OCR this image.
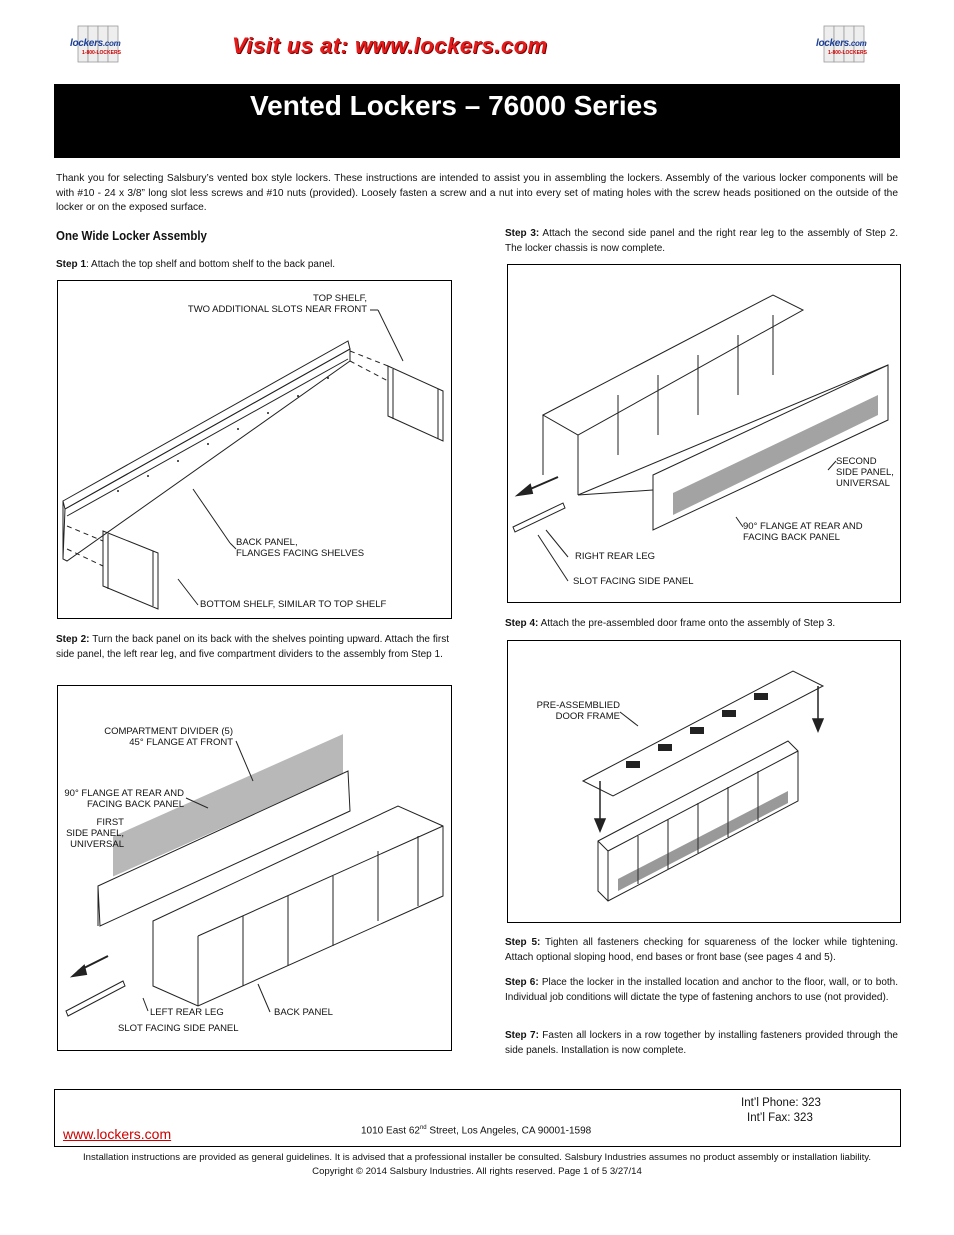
lockers.com
1-800-LOCKERS	Visit us at: www.lockers.com	lockers.com
1-800-LOCKERS
Vented Lockers – 76000 Series

Thank you for selecting Salsbury’s vented box style lockers. These instructions are intended to assist you in assembling the lockers. Assembly of the various locker components will be with #10 - 24 x 3/8” long slot less screws and #10 nuts (provided). Loosely fasten a screw and a nut into every set of mating holes with the screw heads positioned on the outside of the locker or on the exposed surface.

One Wide Locker Assembly

Step 1: Attach the top shelf and bottom shelf to the back panel.

TOP SHELF,
TWO ADDITIONAL SLOTS NEAR FRONT
BACK PANEL,
FLANGES FACING SHELVES
BOTTOM SHELF, SIMILAR TO TOP SHELF

Step 2: Turn the back panel on its back with the shelves pointing upward. Attach the first side panel, the left rear leg, and five compartment dividers to the assembly from Step 1.

COMPARTMENT DIVIDER (5)
45° FLANGE AT FRONT
90° FLANGE AT REAR AND
FACING BACK PANEL
FIRST
SIDE PANEL,
UNIVERSAL
LEFT REAR LEG	BACK PANEL
SLOT FACING SIDE PANEL

Step 3: Attach the second side panel and the right rear leg to the assembly of Step 2. The locker chassis is now complete.

SECOND
SIDE PANEL,
UNIVERSAL
90° FLANGE AT REAR AND
FACING BACK PANEL
RIGHT REAR LEG
SLOT FACING SIDE PANEL

Step 4: Attach the pre-assembled door frame onto the assembly of Step 3.

PRE-ASSEMBLIED
DOOR FRAME

Step 5: Tighten all fasteners checking for squareness of the locker while tightening. Attach optional sloping hood, end bases or front base (see pages 4 and 5).

Step 6: Place the locker in the installed location and anchor to the floor, wall, or to both. Individual job conditions will dictate the type of fastening anchors to use (not provided).

Step 7: Fasten all lockers in a row together by installing fasteners provided through the side panels. Installation is now complete.

www.lockers.com	1010 East 62nd Street, Los Angeles, CA 90001-1598
Int’l Phone: 323
Int’l Fax: 323
Installation instructions are provided as general guidelines. It is advised that a professional installer be consulted. Salsbury Industries assumes no product assembly or installation liability.
Copyright © 2014 Salsbury Industries. All rights reserved. Page 1 of 5 3/27/14
